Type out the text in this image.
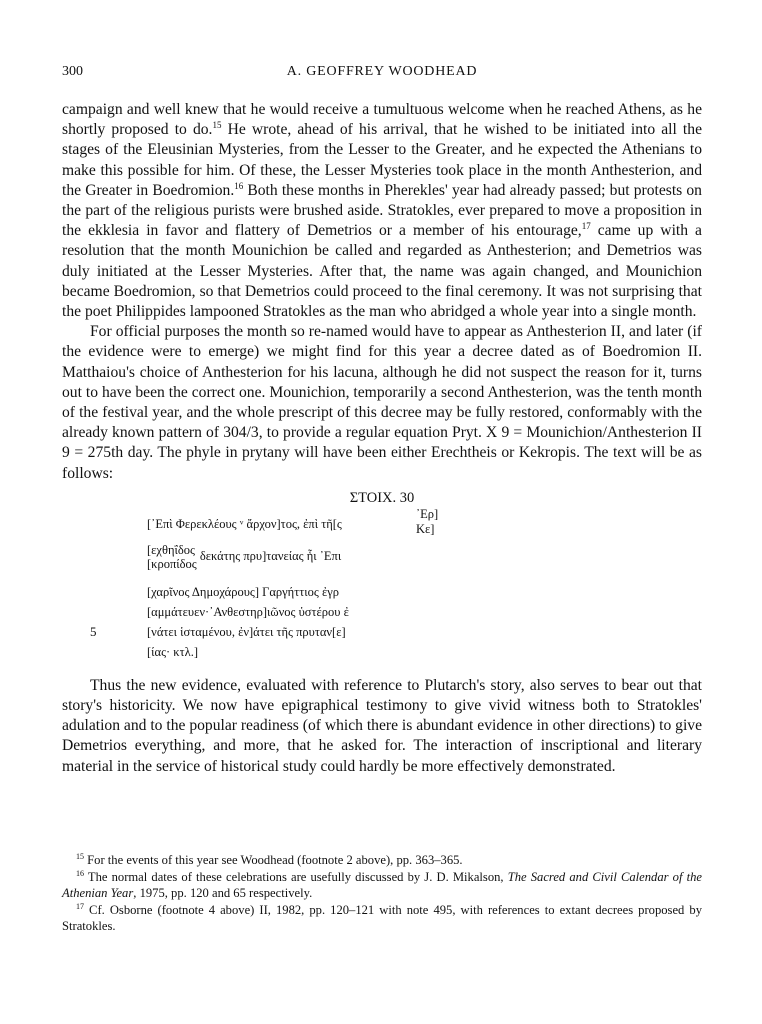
300	A. GEOFFREY WOODHEAD

campaign and well knew that he would receive a tumultuous welcome when he reached Athens, as he shortly proposed to do.$^{15}$ He wrote, ahead of his arrival, that he wished to be initiated into all the stages of the Eleusinian Mysteries, from the Lesser to the Greater, and he expected the Athenians to make this possible for him. Of these, the Lesser Mysteries took place in the month Anthesterion, and the Greater in Boedromion.$^{16}$ Both these months in Pherekles' year had already passed; but protests on the part of the religious purists were brushed aside. Stratokles, ever prepared to move a proposition in the ekklesia in favor and flattery of Demetrios or a member of his entourage,$^{17}$ came up with a resolution that the month Mounichion be called and regarded as Anthesterion; and Demetrios was duly initiated at the Lesser Mysteries. After that, the name was again changed, and Mounichion became Boedromion, so that Demetrios could proceed to the final ceremony. It was not surprising that the poet Philippides lampooned Stratokles as the man who abridged a whole year into a single month.

For official purposes the month so re-named would have to appear as Anthesterion II, and later (if the evidence were to emerge) we might find for this year a decree dated as of Boedromion II. Matthaiou's choice of Anthesterion for his lacuna, although he did not suspect the reason for it, turns out to have been the correct one. Mounichion, temporarily a second Anthesterion, was the tenth month of the festival year, and the whole prescript of this decree may be fully restored, conformably with the already known pattern of 304/3, to provide a regular equation Pryt. X 9 = Mounichion/Anthesterion II 9 = 275th day. The phyle in prytany will have been either Erechtheis or Kekropis. The text will be as follows:

ΣΤΟΙΧ. 30
[᾿Επὶ Φερεκλέους ᵛ ἄρχον]τος, ἐπὶ τῆ[ς
᾿Ερ]
Κε]
[εχθηΐδος
[κροπίδος
δεκάτης πρυ]τανείας ἧι ᾿Επι
[χαρῖνος Δημοχάρους] Γαργήττιος ἐγρ
[αμμάτευεν·᾿Ανθεστηρ]ιῶνος ὑστέρου ἐ
5	[νάτει ἱσταμένου, ἐν]άτει τῆς πρυταν[ε]
[ίας· κτλ.]

Thus the new evidence, evaluated with reference to Plutarch's story, also serves to bear out that story's historicity. We now have epigraphical testimony to give vivid witness both to Stratokles' adulation and to the popular readiness (of which there is abundant evidence in other directions) to give Demetrios everything, and more, that he asked for. The interaction of inscriptional and literary material in the service of historical study could hardly be more effectively demonstrated.

$^{15}$ For the events of this year see Woodhead (footnote 2 above), pp. 363–365.

$^{16}$ The normal dates of these celebrations are usefully discussed by J. D. Mikalson, The Sacred and Civil Calendar of the Athenian Year, 1975, pp. 120 and 65 respectively.

$^{17}$ Cf. Osborne (footnote 4 above) II, 1982, pp. 120–121 with note 495, with references to extant decrees proposed by Stratokles.
